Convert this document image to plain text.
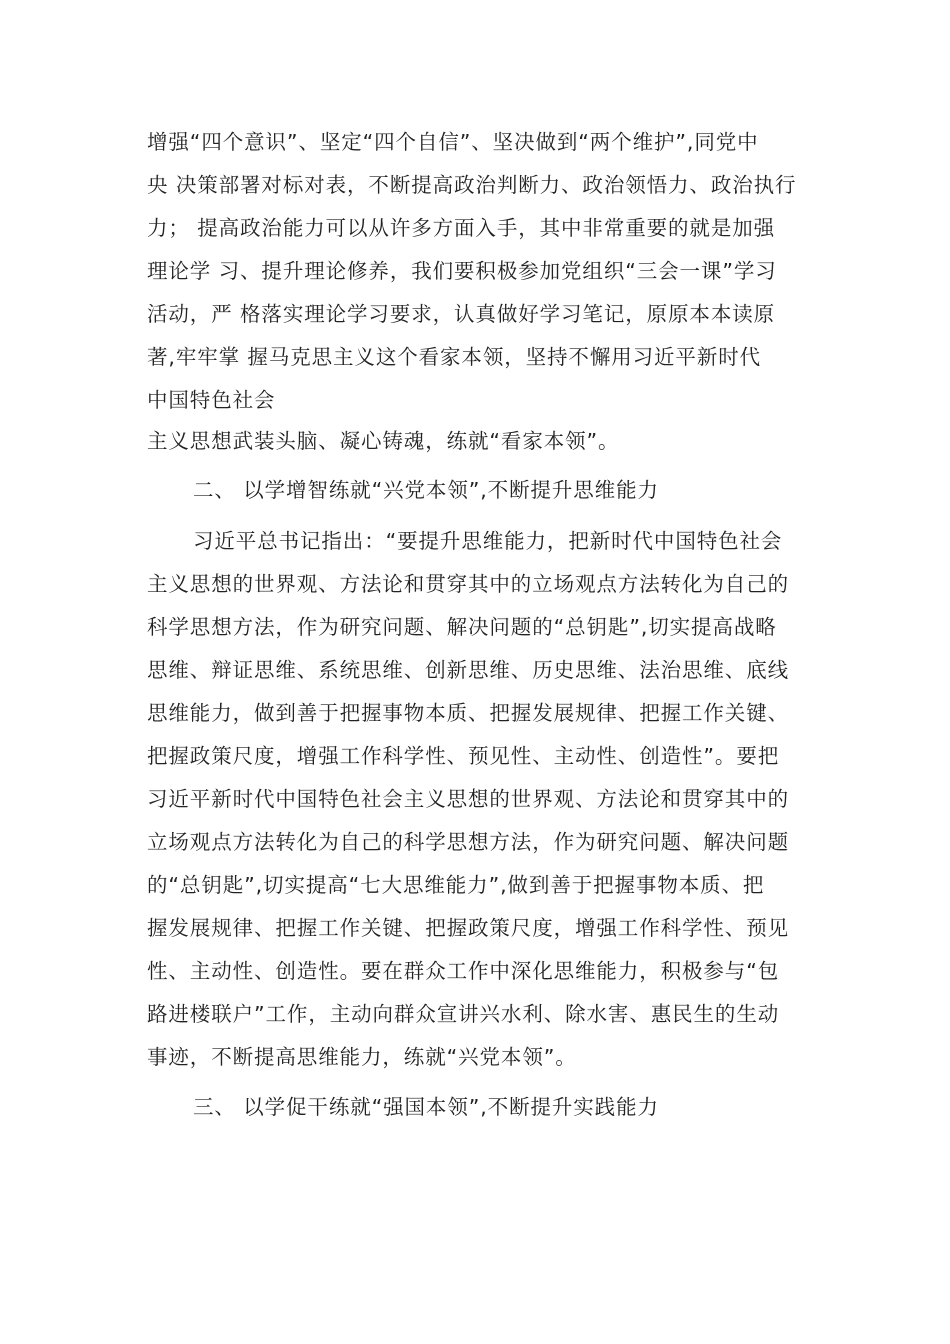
增强“四个意识”、坚定“四个自信”、坚决做到“两个维护”,同党中
央 决策部署对标对表，不断提高政治判断力、政治领悟力、政治执行
力； 提高政治能力可以从许多方面入手，其中非常重要的就是加强
理论学 习、提升理论修养，我们要积极参加党组织“三会一课”学习
活动，严 格落实理论学习要求，认真做好学习笔记，原原本本读原
著,牢牢掌 握马克思主义这个看家本领，坚持不懈用习近平新时代
中国特色社会
主义思想武装头脑、凝心铸魂，练就“看家本领”。
二、 以学增智练就“兴党本领”,不断提升思维能力
习近平总书记指出：“要提升思维能力，把新时代中国特色社会
主义思想的世界观、方法论和贯穿其中的立场观点方法转化为自己的
科学思想方法，作为研究问题、解决问题的“总钥匙”,切实提高战略
思维、辩证思维、系统思维、创新思维、历史思维、法治思维、底线
思维能力，做到善于把握事物本质、把握发展规律、把握工作关键、
把握政策尺度，增强工作科学性、预见性、主动性、创造性”。要把
习近平新时代中国特色社会主义思想的世界观、方法论和贯穿其中的
立场观点方法转化为自己的科学思想方法，作为研究问题、解决问题
的“总钥匙”,切实提高“七大思维能力”,做到善于把握事物本质、把
握发展规律、把握工作关键、把握政策尺度，增强工作科学性、预见
性、主动性、创造性。要在群众工作中深化思维能力，积极参与“包
路进楼联户”工作，主动向群众宣讲兴水利、除水害、惠民生的生动
事迹，不断提高思维能力，练就“兴党本领”。
三、 以学促干练就“强国本领”,不断提升实践能力
